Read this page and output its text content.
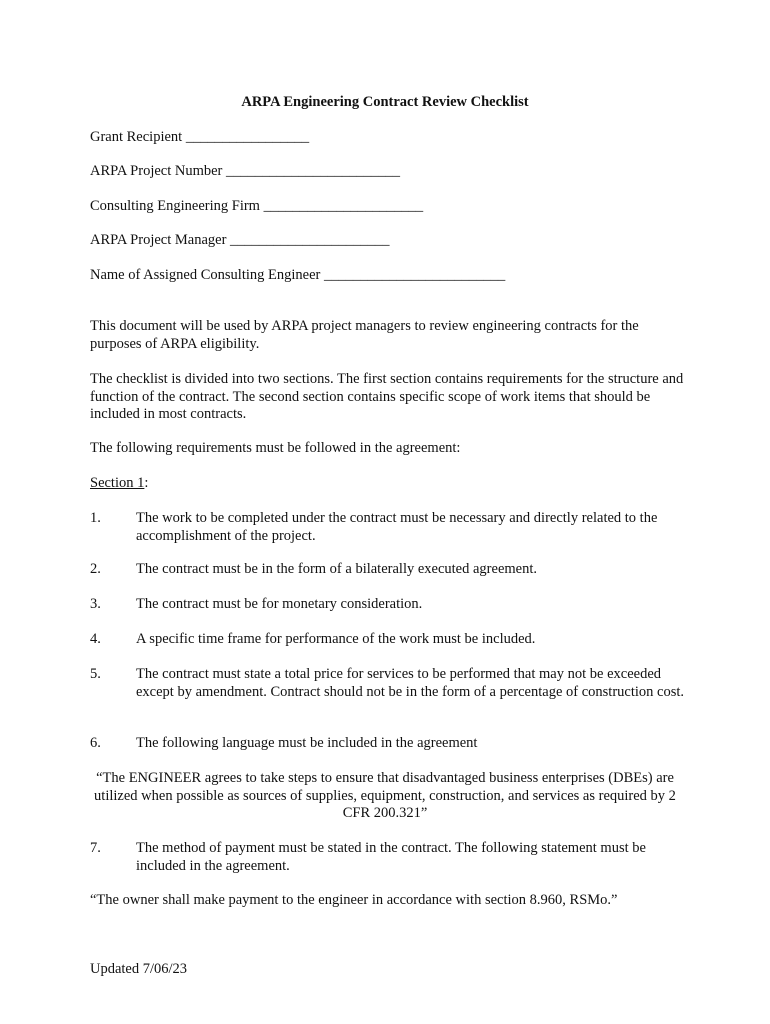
ARPA Engineering Contract Review Checklist
Grant Recipient _________________
ARPA Project Number ________________________
Consulting Engineering Firm ______________________
ARPA Project Manager ______________________
Name of Assigned Consulting Engineer _________________________
This document will be used by ARPA project managers to review engineering contracts for the purposes of ARPA eligibility.
The checklist is divided into two sections. The first section contains requirements for the structure and function of the contract. The second section contains specific scope of work items that should be included in most contracts.
The following requirements must be followed in the agreement:
Section 1:
1. The work to be completed under the contract must be necessary and directly related to the accomplishment of the project.
2. The contract must be in the form of a bilaterally executed agreement.
3. The contract must be for monetary consideration.
4. A specific time frame for performance of the work must be included.
5. The contract must state a total price for services to be performed that may not be exceeded except by amendment. Contract should not be in the form of a percentage of construction cost.
6. The following language must be included in the agreement
“The ENGINEER agrees to take steps to ensure that disadvantaged business enterprises (DBEs) are utilized when possible as sources of supplies, equipment, construction, and services as required by 2 CFR 200.321”
7. The method of payment must be stated in the contract. The following statement must be included in the agreement.
“The owner shall make payment to the engineer in accordance with section 8.960, RSMo.”
Updated 7/06/23
